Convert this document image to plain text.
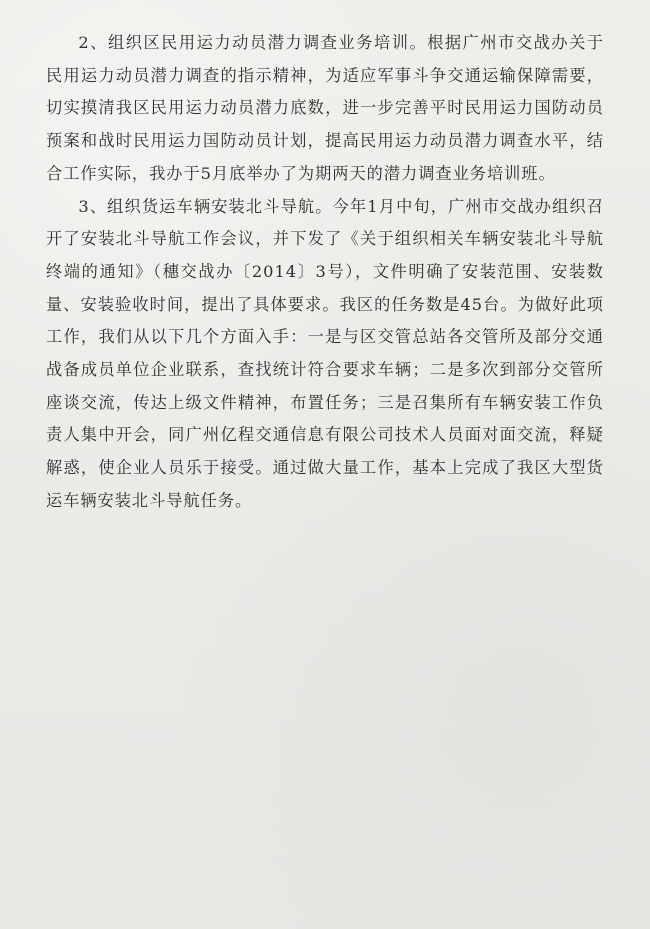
2、组织区民用运力动员潜力调查业务培训。根据广州市交战办关于民用运力动员潜力调查的指示精神，为适应军事斗争交通运输保障需要，切实摸清我区民用运力动员潜力底数，进一步完善平时民用运力国防动员预案和战时民用运力国防动员计划，提高民用运力动员潜力调查水平，结合工作实际，我办于5月底举办了为期两天的潜力调查业务培训班。

3、组织货运车辆安装北斗导航。今年1月中旬，广州市交战办组织召开了安装北斗导航工作会议，并下发了《关于组织相关车辆安装北斗导航终端的通知》（穗交战办〔2014〕3号），文件明确了安装范围、安装数量、安装验收时间，提出了具体要求。我区的任务数是45台。为做好此项工作，我们从以下几个方面入手：一是与区交管总站各交管所及部分交通战备成员单位企业联系，查找统计符合要求车辆；二是多次到部分交管所座谈交流，传达上级文件精神，布置任务；三是召集所有车辆安装工作负责人集中开会，同广州亿程交通信息有限公司技术人员面对面交流，释疑解惑，使企业人员乐于接受。通过做大量工作，基本上完成了我区大型货运车辆安装北斗导航任务。
